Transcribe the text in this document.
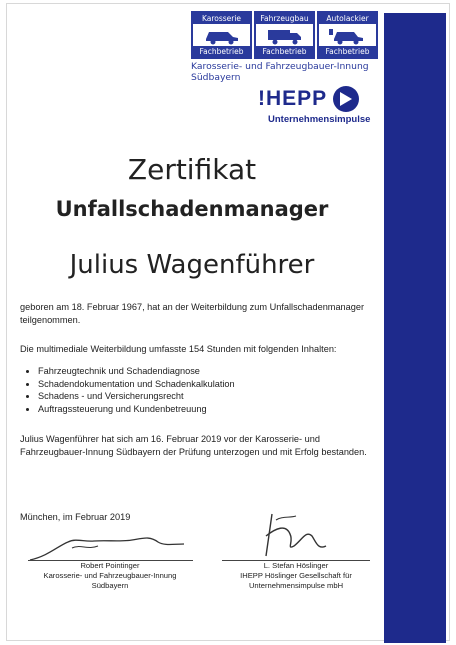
Karosserie
Fachbetrieb
Fahrzeugbau
Fachbetrieb
Autolackier
Fachbetrieb
Karosserie- und Fahrzeugbauer-Innung Südbayern
!HEPP
Unternehmensimpulse
Zertifikat
Unfallschadenmanager
Julius Wagenführer
geboren am 18. Februar 1967, hat an der Weiterbildung zum Unfallschadenmanager teilgenommen.
Die multimediale Weiterbildung umfasste 154 Stunden mit folgenden Inhalten:
• Fahrzeugtechnik und Schadendiagnose
• Schadendokumentation und Schadenkalkulation
• Schadens - und Versicherungsrecht
• Auftragssteuerung und Kundenbetreuung
Julius Wagenführer hat sich am 16. Februar 2019 vor der Karosserie- und Fahrzeugbauer-Innung Südbayern der Prüfung unterzogen und mit Erfolg bestanden.
München, im Februar 2019
Robert Pointinger
Karosserie- und Fahrzeugbauer-Innung
Südbayern
L. Stefan Höslinger
IHEPP Höslinger Gesellschaft für
Unternehmensimpulse mbH
